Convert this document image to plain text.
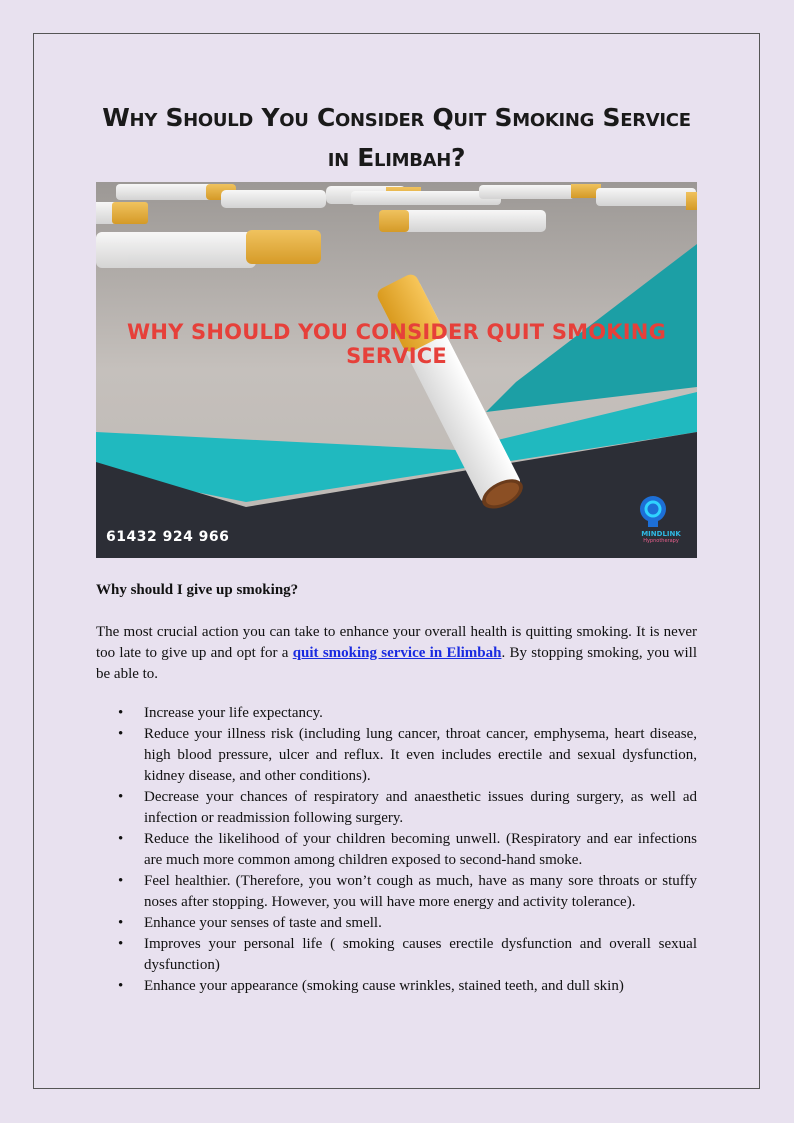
Why Should You Consider Quit Smoking Service in Elimbah?
WHY SHOULD YOU CONSIDER QUIT SMOKING SERVICE
61432 924 966	MINDLINK
Hypnotherapy
Why should I give up smoking?

The most crucial action you can take to enhance your overall health is quitting smoking. It is never too late to give up and opt for a quit smoking service in Elimbah. By stopping smoking, you will be able to.

• Increase your life expectancy.
• Reduce your illness risk (including lung cancer, throat cancer, emphysema, heart disease, high blood pressure, ulcer and reflux. It even includes erectile and sexual dysfunction, kidney disease, and other conditions).
• Decrease your chances of respiratory and anaesthetic issues during surgery, as well ad infection or readmission following surgery.
• Reduce the likelihood of your children becoming unwell. (Respiratory and ear infections are much more common among children exposed to second-hand smoke.
• Feel healthier. (Therefore, you won’t cough as much, have as many sore throats or stuffy noses after stopping. However, you will have more energy and activity tolerance).
• Enhance your senses of taste and smell.
• Improves your personal life ( smoking causes erectile dysfunction and overall sexual dysfunction)
• Enhance your appearance (smoking cause wrinkles, stained teeth, and dull skin)
